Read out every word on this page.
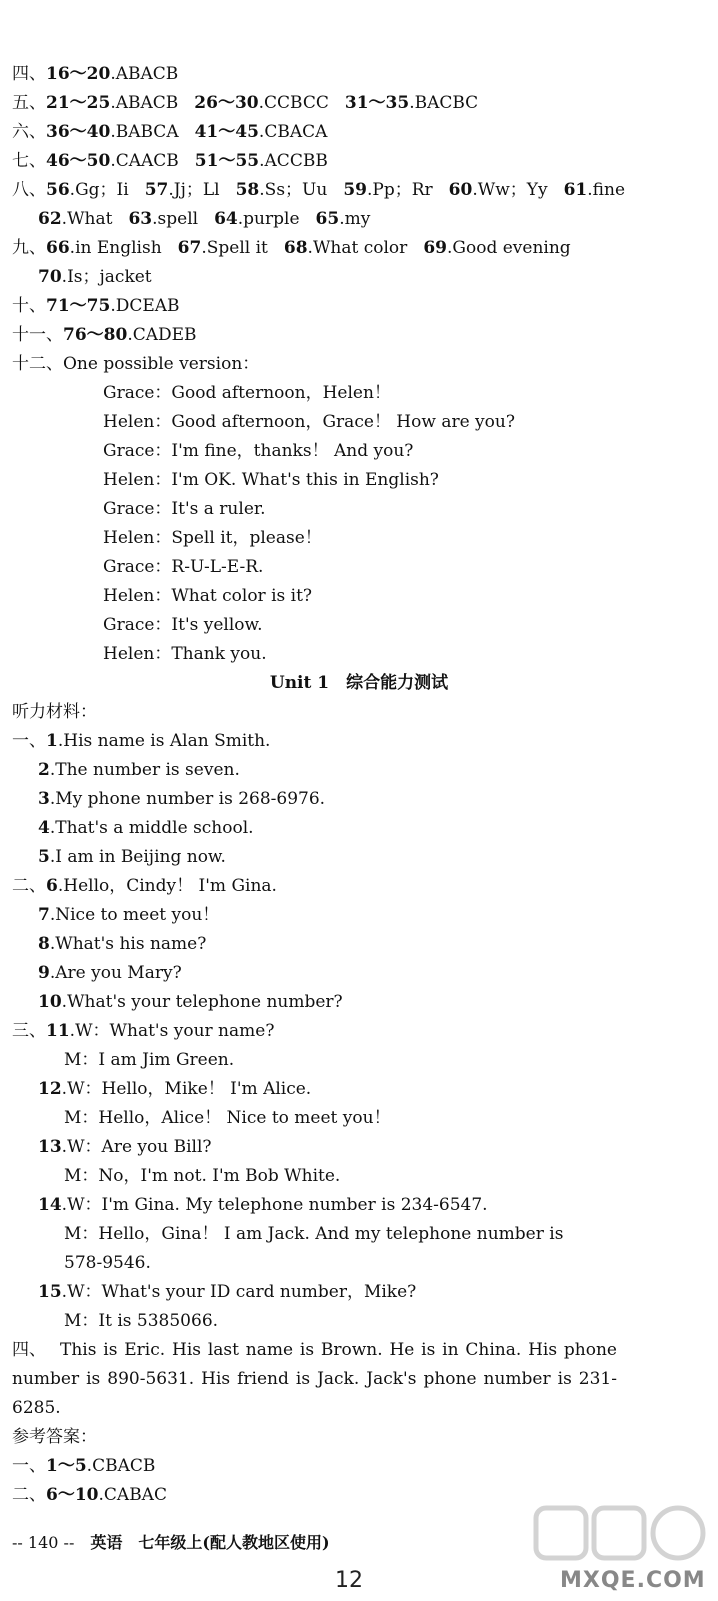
四、16～20.ABACB
五、21～25.ABACB 26～30.CCBCC 31～35.BACBC
六、36～40.BABCA 41～45.CBACA
七、46～50.CAACB 51～55.ACCBB
八、56.Gg；Ii 57.Jj；Ll 58.Ss；Uu 59.Pp；Rr 60.Ww；Yy 61.fine
62.What 63.spell 64.purple 65.my
九、66.in English 67.Spell it 68.What color 69.Good evening
70.Is；jacket
十、71～75.DCEAB
十一、76～80.CADEB
十二、One possible version：
Grace：Good afternoon，Helen！
Helen：Good afternoon，Grace！ How are you?
Grace：I'm fine，thanks！ And you?
Helen：I'm OK. What's this in English?
Grace：It's a ruler.
Helen：Spell it，please！
Grace：R-U-L-E-R.
Helen：What color is it?
Grace：It's yellow.
Helen：Thank you.
Unit 1　综合能力测试
听力材料：
一、1.His name is Alan Smith.
2.The number is seven.
3.My phone number is 268-6976.
4.That's a middle school.
5.I am in Beijing now.
二、6.Hello，Cindy！ I'm Gina.
7.Nice to meet you！
8.What's his name?
9.Are you Mary?
10.What's your telephone number?
三、11.W：What's your name?
M：I am Jim Green.
12.W：Hello，Mike！ I'm Alice.
M：Hello，Alice！ Nice to meet you！
13.W：Are you Bill?
M：No，I'm not. I'm Bob White.
14.W：I'm Gina. My telephone number is 234-6547.
M：Hello，Gina！ I am Jack. And my telephone number is
578-9546.
15.W：What's your ID card number，Mike?
M：It is 5385066.
四、 This is Eric. His last name is Brown. He is in China. His phone number is 890-5631. His friend is Jack. Jack's phone number is 231-6285.
参考答案：
一、1～5.CBACB
二、6～10.CABAC
MXQE.COM
-- 140 --　英语　 七年级上(配人教地区使用)
12
